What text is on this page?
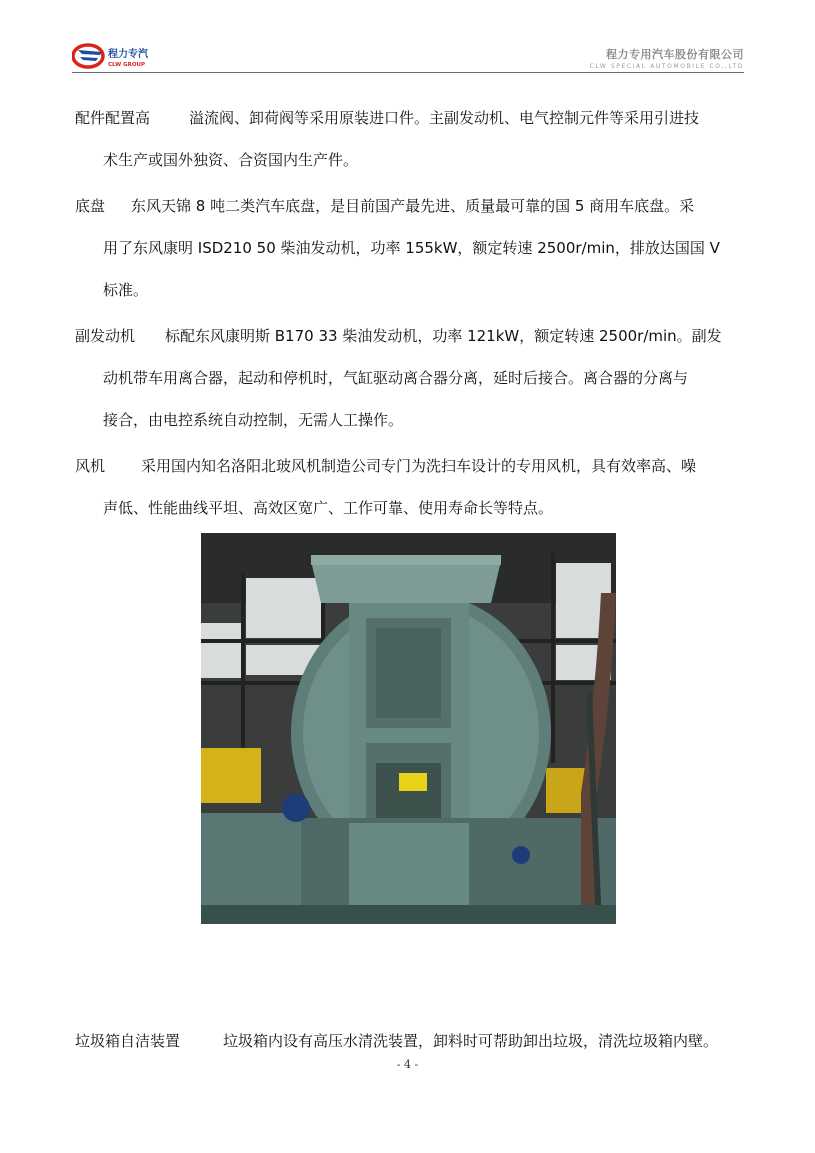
程力专汽
CLW GROUP
程力专用汽车股份有限公司
CLW SPECIAL AUTOMOBILE CO.,LTD
配件配置高	溢流阀、卸荷阀等采用原装进口件。主副发动机、电气控制元件等采用引进技
术生产或国外独资、合资国内生产件。
底盘 东风天锦 8 吨二类汽车底盘，是目前国产最先进、质量最可靠的国 5 商用车底盘。采
用了东风康明 ISD210 50 柴油发动机，功率 155kW，额定转速 2500r/min，排放达国国 V
标准。
副发动机 标配东风康明斯 B170 33 柴油发动机，功率 121kW，额定转速 2500r/min。副发
动机带车用离合器，起动和停机时，气缸驱动离合器分离，延时后接合。离合器的分离与
接合，由电控系统自动控制，无需人工操作。
风机 采用国内知名洛阳北玻风机制造公司专门为洗扫车设计的专用风机，具有效率高、噪
声低、性能曲线平坦、高效区宽广、工作可靠、使用寿命长等特点。
垃圾箱自洁装置	垃圾箱内设有高压水清洗装置，卸料时可帮助卸出垃圾，清洗垃圾箱内壁。
- 4 -
